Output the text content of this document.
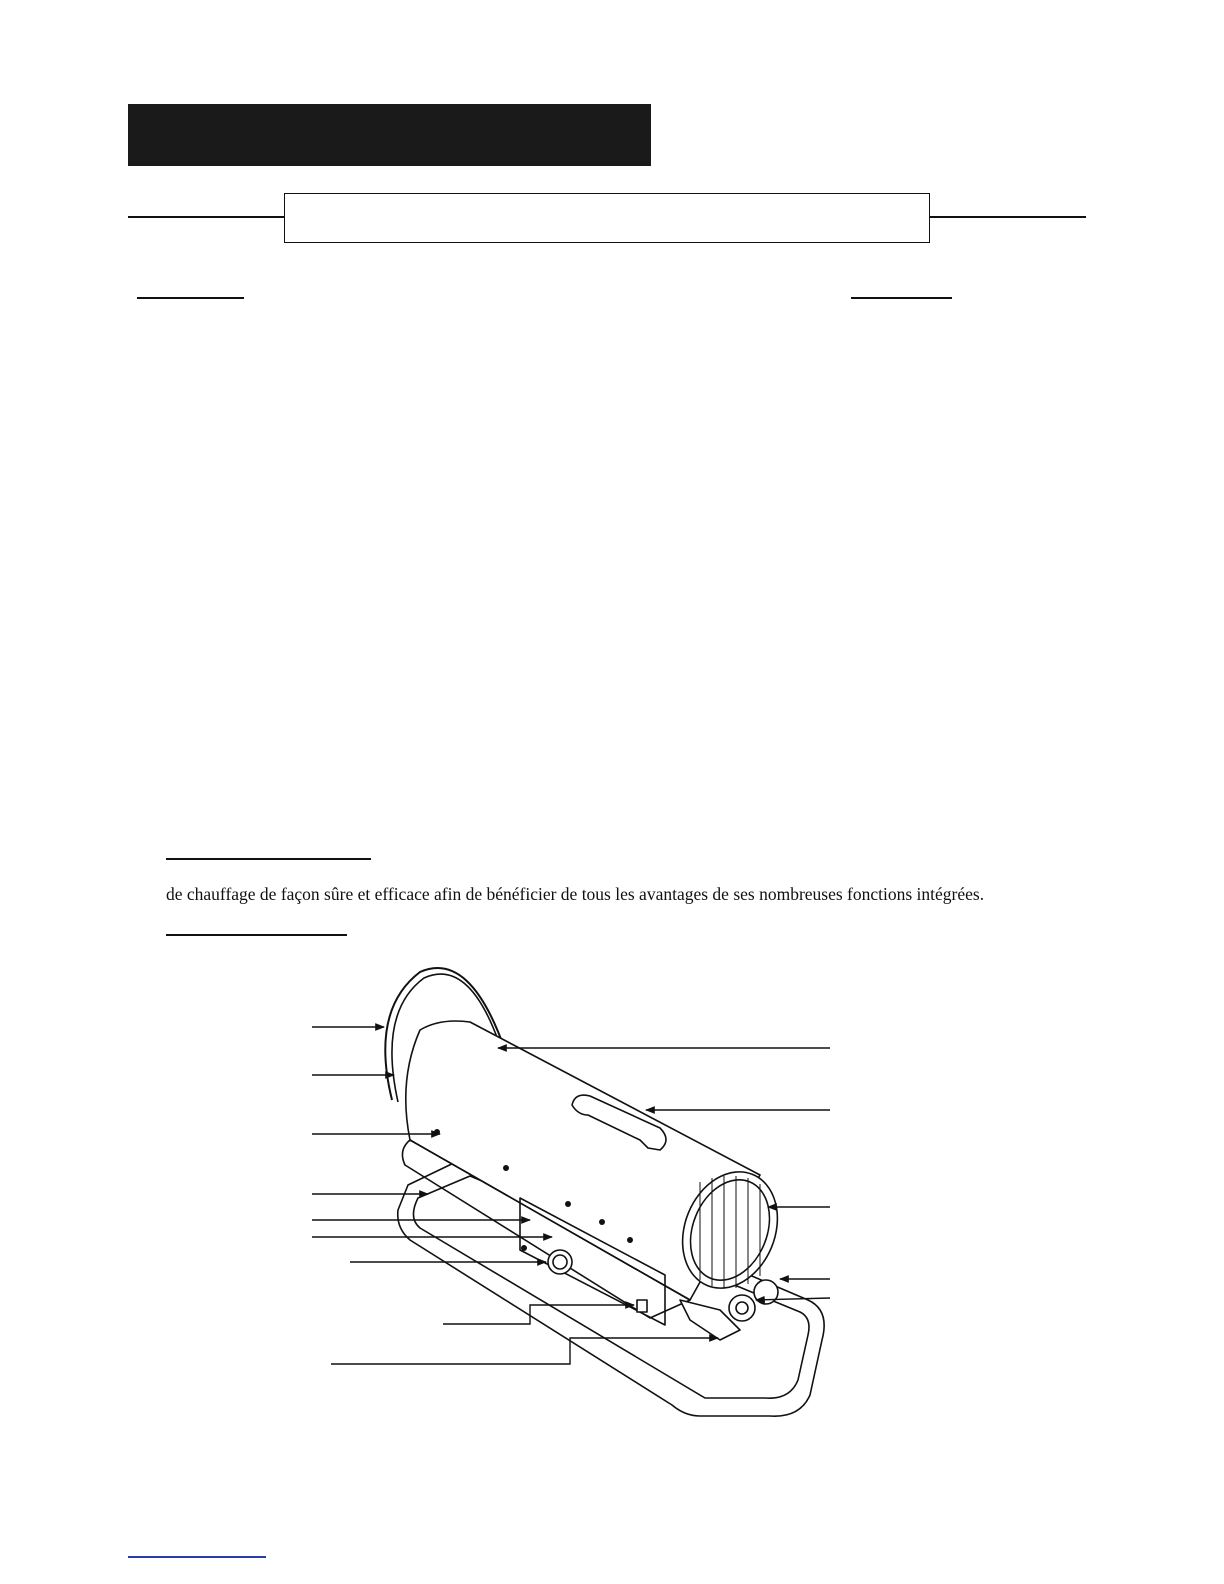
de chauffage de façon sûre et efficace afin de bénéficier de tous les avantages de ses nombreuses fonctions intégrées.
